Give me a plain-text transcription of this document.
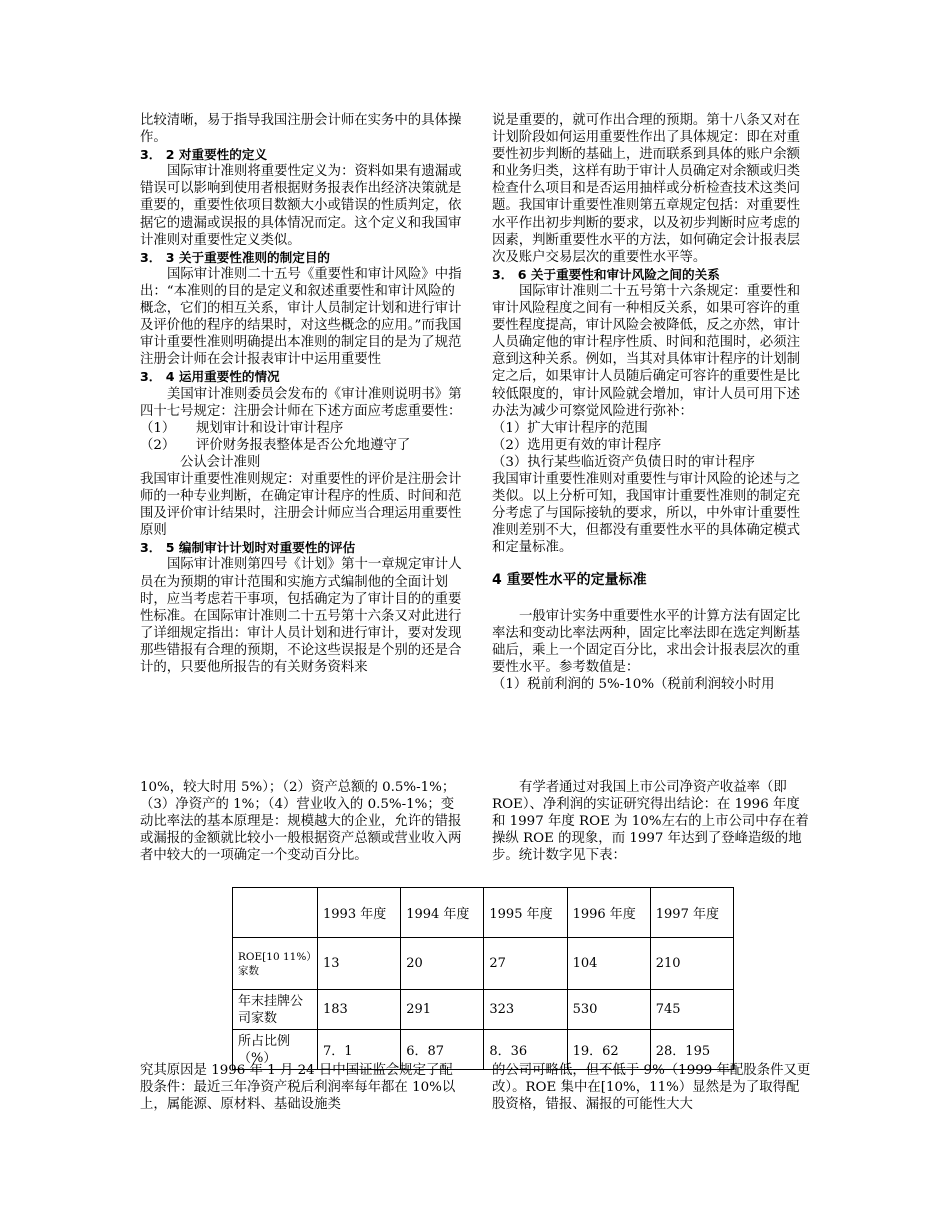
比较清晰，易于指导我国注册会计师在实务中的具体操作。

3． 2 对重要性的定义

国际审计准则将重要性定义为：资料如果有遗漏或错误可以影响到使用者根据财务报表作出经济决策就是重要的，重要性依项目数额大小或错误的性质判定，依据它的遗漏或误报的具体情况而定。这个定义和我国审计准则对重要性定义类似。

3． 3 关于重要性准则的制定目的

国际审计准则二十五号《重要性和审计风险》中指出：“本准则的目的是定义和叙述重要性和审计风险的概念，它们的相互关系，审计人员制定计划和进行审计及评价他的程序的结果时，对这些概念的应用。”而我国审计重要性准则明确提出本准则的制定目的是为了规范注册会计师在会计报表审计中运用重要性

3． 4 运用重要性的情况

美国审计准则委员会发布的《审计准则说明书》第四十七号规定：注册会计师在下述方面应考虑重要性：

（1） 规划审计和设计审计程序

（2） 评价财务报表整体是否公允地遵守了

公认会计准则

我国审计重要性准则规定：对重要性的评价是注册会计师的一种专业判断，在确定审计程序的性质、时间和范围及评价审计结果时，注册会计师应当合理运用重要性原则

3． 5 编制审计计划时对重要性的评估

国际审计准则第四号《计划》第十一章规定审计人员在为预期的审计范围和实施方式编制他的全面计划时，应当考虑若干事项，包括确定为了审计目的的重要性标准。在国际审计准则二十五号第十六条又对此进行了详细规定指出：审计人员计划和进行审计，要对发现那些错报有合理的预期，不论这些误报是个别的还是合计的，只要他所报告的有关财务资料来

说是重要的，就可作出合理的预期。第十八条又对在计划阶段如何运用重要性作出了具体规定：即在对重要性初步判断的基础上，进而联系到具体的账户余额和业务归类，这样有助于审计人员确定对余额或归类检查什么项目和是否运用抽样或分析检查技术这类问题。我国审计重要性准则第五章规定包括：对重要性水平作出初步判断的要求，以及初步判断时应考虑的因素，判断重要性水平的方法，如何确定会计报表层次及账户交易层次的重要性水平等。

3． 6 关于重要性和审计风险之间的关系

国际审计准则二十五号第十六条规定：重要性和审计风险程度之间有一种相反关系，如果可容许的重要性程度提高，审计风险会被降低，反之亦然，审计人员确定他的审计程序性质、时间和范围时，必须注意到这种关系。例如，当其对具体审计程序的计划制定之后，如果审计人员随后确定可容许的重要性是比较低限度的，审计风险就会增加，审计人员可用下述办法为减少可察觉风险进行弥补：

（1）扩大审计程序的范围

（2）选用更有效的审计程序

（3）执行某些临近资产负债日时的审计程序

我国审计重要性准则对重要性与审计风险的论述与之类似。以上分析可知，我国审计重要性准则的制定充分考虑了与国际接轨的要求，所以，中外审计重要性准则差别不大，但都没有重要性水平的具体确定模式和定量标准。

4 重要性水平的定量标准

一般审计实务中重要性水平的计算方法有固定比率法和变动比率法两种，固定比率法即在选定判断基础后，乘上一个固定百分比，求出会计报表层次的重要性水平。参考数值是：

（1）税前利润的 5%-10%（税前利润较小时用

10%，较大时用 5%）；（2）资产总额的 0.5%-1%；（3）净资产的 1%；（4）营业收入的 0.5%-1%；变动比率法的基本原理是：规模越大的企业，允许的错报或漏报的金额就比较小一般根据资产总额或营业收入两者中较大的一项确定一个变动百分比。

有学者通过对我国上市公司净资产收益率（即 ROE）、净利润的实证研究得出结论：在 1996 年度和 1997 年度 ROE 为 10%左右的上市公司中存在着操纵 ROE 的现象，而 1997 年达到了登峰造级的地步。统计数字见下表：

	1993 年度	1994 年度	1995 年度	1996 年度	1997 年度
ROE[10 11%）家数	13	20	27	104	210
年末挂牌公司家数	183	291	323	530	745
所占比例（%）	7．1	6．87	8．36	19．62	28．195

究其原因是 1996 年 1 月 24 日中国证监会规定了配股条件：最近三年净资产税后利润率每年都在 10%以上，属能源、原材料、基础设施类

的公司可略低，但不低于 9%（1999 年配股条件又更改）。ROE 集中在[10%，11%）显然是为了取得配股资格，错报、漏报的可能性大大
